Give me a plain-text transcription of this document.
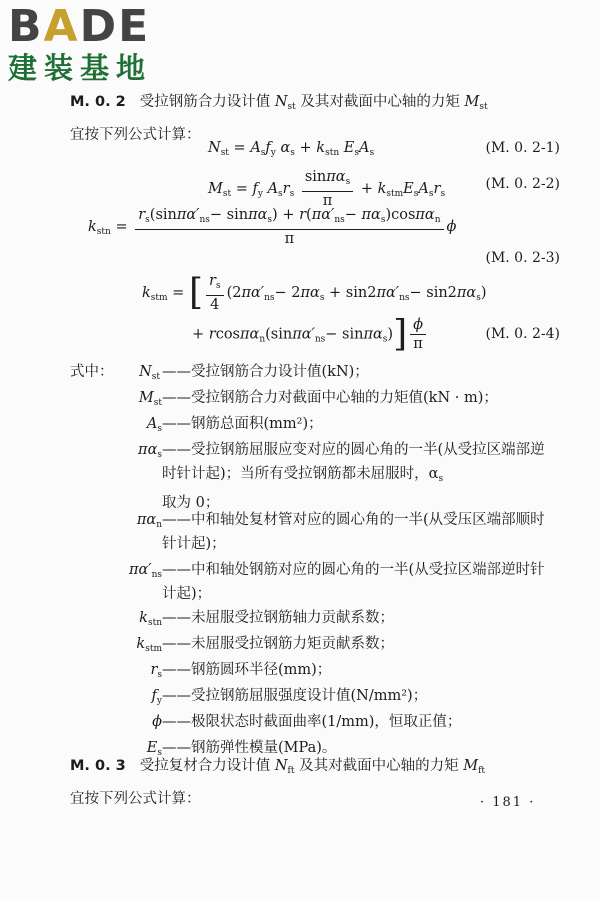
B A D E
建装基地
M. 0. 2 受拉钢筋合力设计值 $N_{st}$ 及其对截面中心轴的力矩 $M_{st}$
宜按下列公式计算：
$N_{st} = A_sf_y$ $\alpha_s + k_{stn}$ $E_sA_s$	(M. 0. 2-1)
$M_{st} = f_y$ $A_sr_s \frac{\sin\pi\alpha_s}{\pi} + k_{stm}E_sA_sr_s$
(M. 0. 2-2)
$k_{stn} = \frac{r_s(\sin\pi\alpha'_{ns}- \sin\pi\alpha_s) + r(\pi\alpha'_{ns}- \pi\alpha_s)\cos\pi\alpha_n}{\pi}$ ϕ
(M. 0. 2-3)
$k_{stm}$ = [ $\frac{r_s}{4} (2\pi\alpha'_{ns}- 2\pi\alpha_s + \sin 2\pi\alpha'_{ns}- \sin 2\pi\alpha_s)$
+ $rcos\pi\alpha_n(\sin\pi\alpha'_{ns}- \sin\pi\alpha_s)] \frac{\phi}{\pi}$	(M. 0. 2-4)
式中： $N_{st}$ ——受拉钢筋合力设计值(kN)；
$M_{st}$ ——受拉钢筋合力对截面中心轴的力矩值(kN · m)；
$A_s$ ——钢筋总面积(mm²)；
$\pi\alpha_s$ ——受拉钢筋屈服应变对应的圆心角的一半(从受拉区端部逆时针计起)；当所有受拉钢筋都未屈服时，$\alpha_s$
取为 0；
$\pi\alpha_n$ ——中和轴处复材管对应的圆心角的一半(从受压区端部顺时针计起)；
$\pi\alpha'_{ns}$ ——中和轴处钢筋对应的圆心角的一半(从受拉区端部逆时针计起)；
$k_{stn}$ ——未屈服受拉钢筋轴力贡献系数；
$k_{stm}$ ——未屈服受拉钢筋力矩贡献系数；
$r_s$ ——钢筋圆环半径(mm)；
$f_y$ ——受拉钢筋屈服强度设计值(N/mm²)；
ϕ ——极限状态时截面曲率(1/mm)，恒取正值；
$E_s$ ——钢筋弹性模量(MPa)。
M. 0. 3 受拉复材合力设计值 $N_{ft}$ 及其对截面中心轴的力矩 $M_{ft}$
宜按下列公式计算：	· 181 ·
